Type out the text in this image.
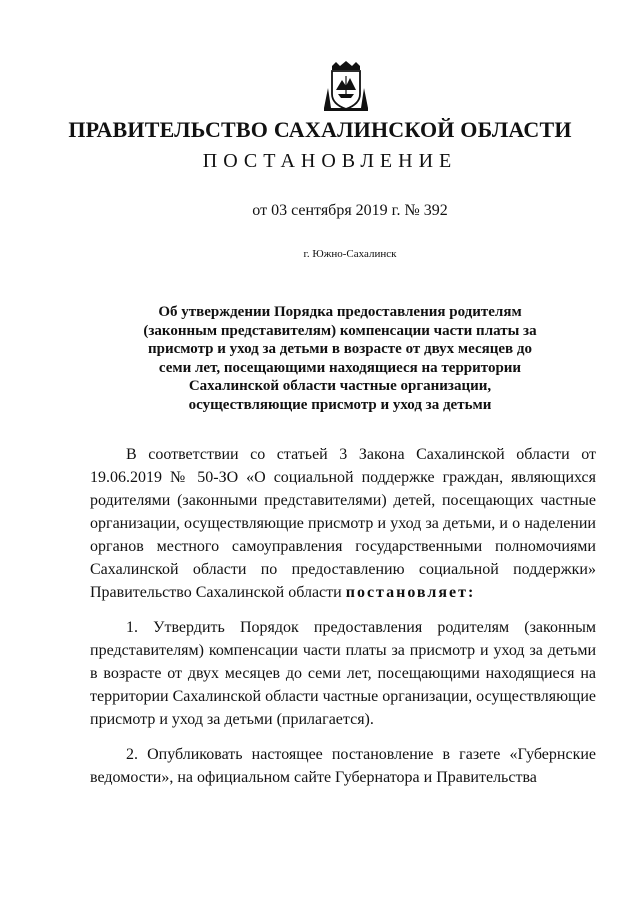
ПРАВИТЕЛЬСТВО САХАЛИНСКОЙ ОБЛАСТИ
ПОСТАНОВЛЕНИЕ
от 03 сентября 2019 г. № 392
г. Южно-Сахалинск
Об утверждении Порядка предоставления родителям (законным представителям) компенсации части платы за присмотр и уход за детьми в возрасте от двух месяцев до семи лет, посещающими находящиеся на территории Сахалинской области частные организации, осуществляющие присмотр и уход за детьми

В соответствии со статьей 3 Закона Сахалинской области от 19.06.2019 № 50-ЗО «О социальной поддержке граждан, являющихся родителями (законными представителями) детей, посещающих частные организации, осуществляющие присмотр и уход за детьми, и о наделении органов местного самоуправления государственными полномочиями Сахалинской области по предоставлению социальной поддержки» Правительство Сахалинской области постановляет:

1. Утвердить Порядок предоставления родителям (законным представителям) компенсации части платы за присмотр и уход за детьми в возрасте от двух месяцев до семи лет, посещающими находящиеся на территории Сахалинской области частные организации, осуществляющие присмотр и уход за детьми (прилагается).

2. Опубликовать настоящее постановление в газете «Губернские ведомости», на официальном сайте Губернатора и Правительства
